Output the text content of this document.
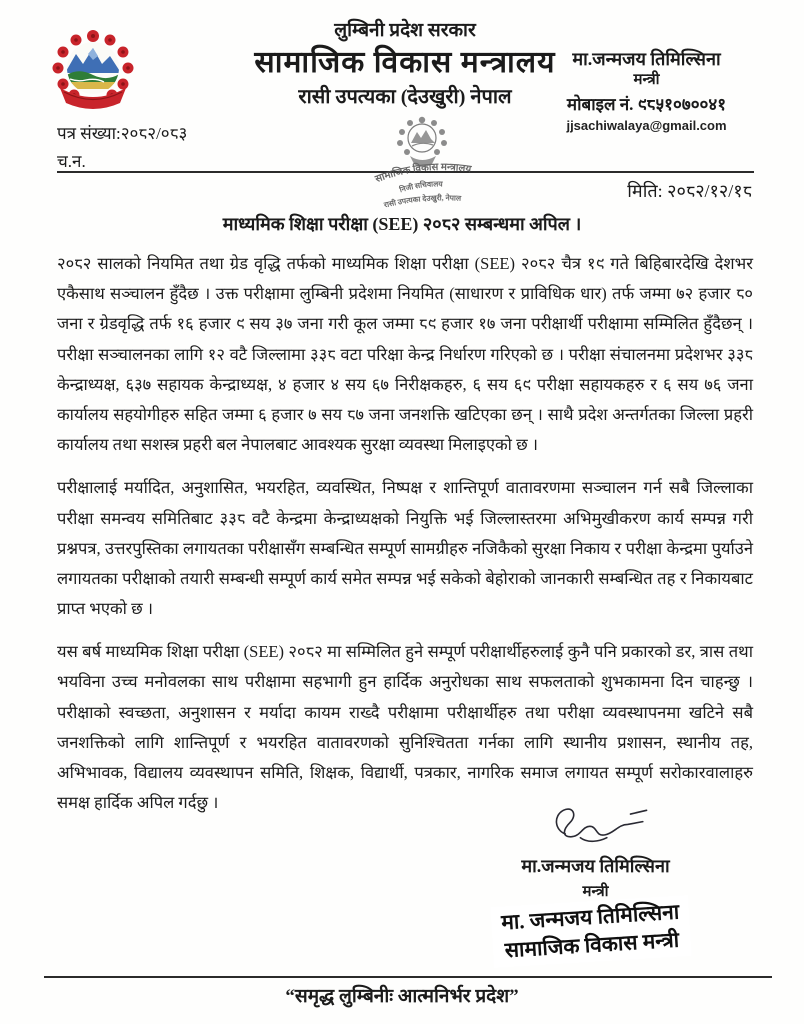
लुम्बिनी प्रदेश सरकार
सामाजिक विकास मन्त्रालय
रासी उपत्यका (देउखुरी) नेपाल
मा.जन्मजय तिमिल्सिना
मन्त्री
मोबाइल नं. ९८५१०७००४१
jjsachiwalaya@gmail.com
पत्र संख्या:२०८२/०८३
च.न.
सामाजिक विकास मन्त्रालय
निजी सचिवालय
रासी उपत्यका देउखुरी, नेपाल	मिति: २०८२/१२/१८
माध्यमिक शिक्षा परीक्षा (SEE) २०८२ सम्बन्धमा अपिल ।

२०८२ सालको नियमित तथा ग्रेड वृद्धि तर्फको माध्यमिक शिक्षा परीक्षा (SEE) २०८२ चैत्र १९ गते बिहिबारदेखि देशभर एकैसाथ सञ्चालन हुँदैछ । उक्त परीक्षामा लुम्बिनी प्रदेशमा नियमित (साधारण र प्राविधिक धार) तर्फ जम्मा ७२ हजार ८० जना र ग्रेडवृद्धि तर्फ १६ हजार ९ सय ३७ जना गरी कूल जम्मा ८९ हजार १७ जना परीक्षार्थी परीक्षामा सम्मिलित हुँदैछन् । परीक्षा सञ्चालनका लागि १२ वटै जिल्लामा ३३८ वटा परिक्षा केन्द्र निर्धारण गरिएको छ । परीक्षा संचालनमा प्रदेशभर ३३८ केन्द्राध्यक्ष, ६३७ सहायक केन्द्राध्यक्ष, ४ हजार ४ सय ६७ निरीक्षकहरु, ६ सय ६९ परीक्षा सहायकहरु र ६ सय ७६ जना कार्यालय सहयोगीहरु सहित जम्मा ६ हजार ७ सय ८७ जना जनशक्ति खटिएका छन् । साथै प्रदेश अन्तर्गतका जिल्ला प्रहरी कार्यालय तथा सशस्त्र प्रहरी बल नेपालबाट आवश्यक सुरक्षा व्यवस्था मिलाइएको छ ।

परीक्षालाई मर्यादित, अनुशासित, भयरहित, व्यवस्थित, निष्पक्ष र शान्तिपूर्ण वातावरणमा सञ्चालन गर्न सबै जिल्लाका परीक्षा समन्वय समितिबाट ३३८ वटै केन्द्रमा केन्द्राध्यक्षको नियुक्ति भई जिल्लास्तरमा अभिमुखीकरण कार्य सम्पन्न गरी प्रश्नपत्र, उत्तरपुस्तिका लगायतका परीक्षासँग सम्बन्धित सम्पूर्ण सामग्रीहरु नजिकैको सुरक्षा निकाय र परीक्षा केन्द्रमा पुर्याउने लगायतका परीक्षाको तयारी सम्बन्धी सम्पूर्ण कार्य समेत सम्पन्न भई सकेको बेहोराको जानकारी सम्बन्धित तह र निकायबाट प्राप्त भएको छ ।

यस बर्ष माध्यमिक शिक्षा परीक्षा (SEE) २०८२ मा सम्मिलित हुने सम्पूर्ण परीक्षार्थीहरुलाई कुनै पनि प्रकारको डर, त्रास तथा भयविना उच्च मनोवलका साथ परीक्षामा सहभागी हुन हार्दिक अनुरोधका साथ सफलताको शुभकामना दिन चाहन्छु । परीक्षाको स्वच्छता, अनुशासन र मर्यादा कायम राख्दै परीक्षामा परीक्षार्थीहरु तथा परीक्षा व्यवस्थापनमा खटिने सबै जनशक्तिको लागि शान्तिपूर्ण र भयरहित वातावरणको सुनिश्चितता गर्नका लागि स्थानीय प्रशासन, स्थानीय तह, अभिभावक, विद्यालय व्यवस्थापन समिति, शिक्षक, विद्यार्थी, पत्रकार, नागरिक समाज लगायत सम्पूर्ण सरोकारवालाहरु समक्ष हार्दिक अपिल गर्दछु ।

मा.जन्मजय तिमिल्सिना
मन्त्री
मा. जन्मजय तिमिल्सिना
सामाजिक विकास मन्त्री
“समृद्ध लुम्बिनीः आत्मनिर्भर प्रदेश”
